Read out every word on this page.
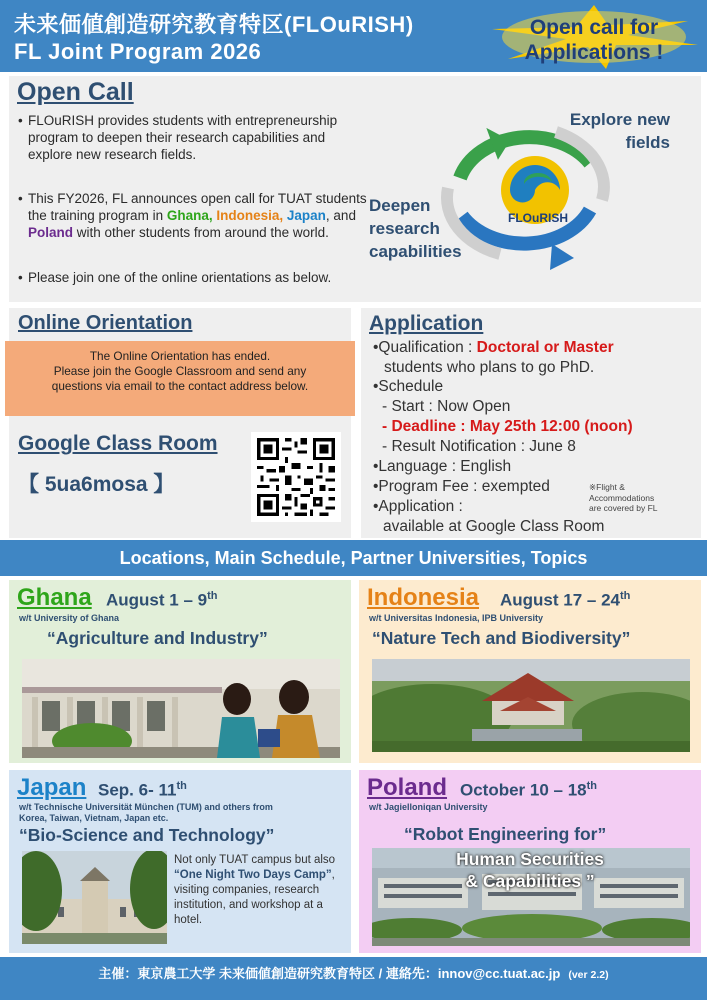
未来価値創造研究教育特区(FLOuRISH)
FL Joint Program 2026
Open call for
Applications !
Open Call
• FLOuRISH provides students with entrepreneurship program to deepen their research capabilities and explore new research fields.
• This FY2026, FL announces open call for TUAT students the training program in Ghana, Indonesia, Japan, and Poland with other students from around the world.
• Please join one of the online orientations as below.
Explore new
fields
Deepen
research
capabilities
FLOuRISH
Online Orientation
The Online Orientation has ended.
Please join the Google Classroom and send any
questions via email to the contact address below.
Google Class Room
【 5ua6mosa 】
Application
•Qualification : Doctoral or Master
students who plans to go PhD.
•Schedule
- Start : Now Open
- Deadline : May 25th 12:00 (noon)
- Result Notification : June 8
•Language : English
•Program Fee : exempted	※Flight &
Accommodations
are covered by FL
•Application :
available at Google Class Room
Locations, Main Schedule, Partner Universities, Topics
Ghana August 1 – 9th
w/t University of Ghana
“Agriculture and Industry”
Indonesia August 17 – 24th
w/t Universitas Indonesia, IPB University
“Nature Tech and Biodiversity”
Japan Sep. 6- 11th
w/t Technische Universität München (TUM) and others from
Korea, Taiwan, Vietnam, Japan etc.
“Bio-Science and Technology”
Not only TUAT campus but also “One Night Two Days Camp”, visiting companies, research institution, and workshop at a hotel.
Poland October 10 – 18th
w/t Jagielloniqan University
“Robot Engineering for”
Human Securities
& Capabilities ”
主催：東京農工大学 未来価値創造研究教育特区 / 連絡先：innov@cc.tuat.ac.jp (ver 2.2)
